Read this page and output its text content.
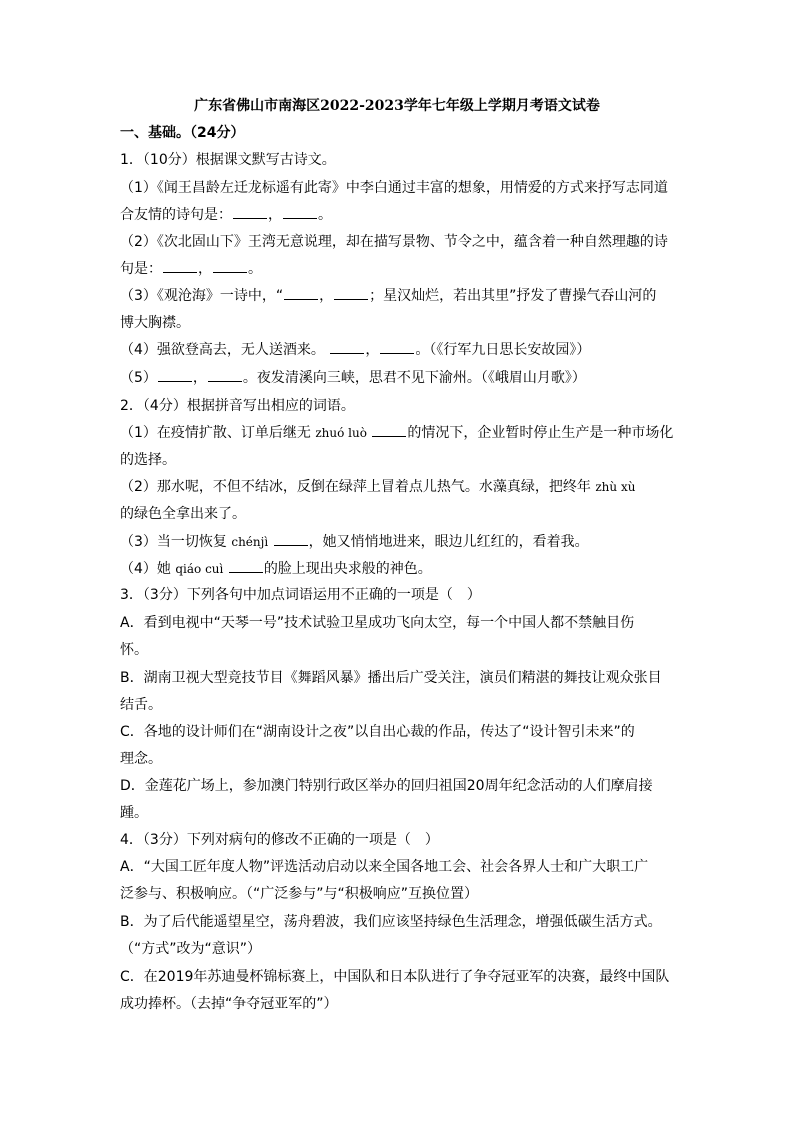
广东省佛山市南海区2022-2023学年七年级上学期月考语文试卷
一、基础。（24分）
1．（10分）根据课文默写古诗文。
（1）《闻王昌龄左迁龙标遥有此寄》中李白通过丰富的想象，用情爱的方式来抒写志同道
合友情的诗句是：	，	。
（2）《次北固山下》王湾无意说理，却在描写景物、节令之中，蕴含着一种自然理趣的诗
句是：	，	。
（3）《观沧海》一诗中，“	，	；星汉灿烂，若出其里”抒发了曹操气吞山河的
博大胸襟。
（4）强欲登高去，无人送酒来。	，	。（《行军九日思长安故园》）
（5）	，	。夜发清溪向三峡，思君不见下渝州。（《峨眉山月歌》）
2．（4分）根据拼音写出相应的词语。
（1）在疫情扩散、订单后继无 zhuó luò	的情况下，企业暂时停止生产是一种市场化
的选择。
（2）那水呢，不但不结冰，反倒在绿萍上冒着点儿热气。水藻真绿，把终年 zhù xù
的绿色全拿出来了。
（3）当一切恢复 chénjì	，她又悄悄地进来，眼边儿红红的，看着我。
（4）她 qiáo cuì	的脸上现出央求般的神色。
3．（3分）下列各句中加点词语运用不正确的一项是（　）
A．看到电视中“天琴一号”技术试验卫星成功飞向太空，每一个中国人都不禁触目伤
怀。
B．湖南卫视大型竞技节目《舞蹈风暴》播出后广受关注，演员们精湛的舞技让观众张目
结舌。
C．各地的设计师们在“湖南设计之夜”以自出心裁的作品，传达了“设计智引未来”的
理念。
D．金莲花广场上，参加澳门特别行政区举办的回归祖国20周年纪念活动的人们摩肩接
踵。
4．（3分）下列对病句的修改不正确的一项是（　）
A．“大国工匠年度人物”评选活动启动以来全国各地工会、社会各界人士和广大职工广
泛参与、积极响应。（“广泛参与”与“积极响应”互换位置）
B．为了后代能遥望星空，荡舟碧波，我们应该坚持绿色生活理念，增强低碳生活方式。
（“方式”改为“意识”）
C．在2019年苏迪曼杯锦标赛上，中国队和日本队进行了争夺冠亚军的决赛，最终中国队
成功捧杯。（去掉“争夺冠亚军的”）
